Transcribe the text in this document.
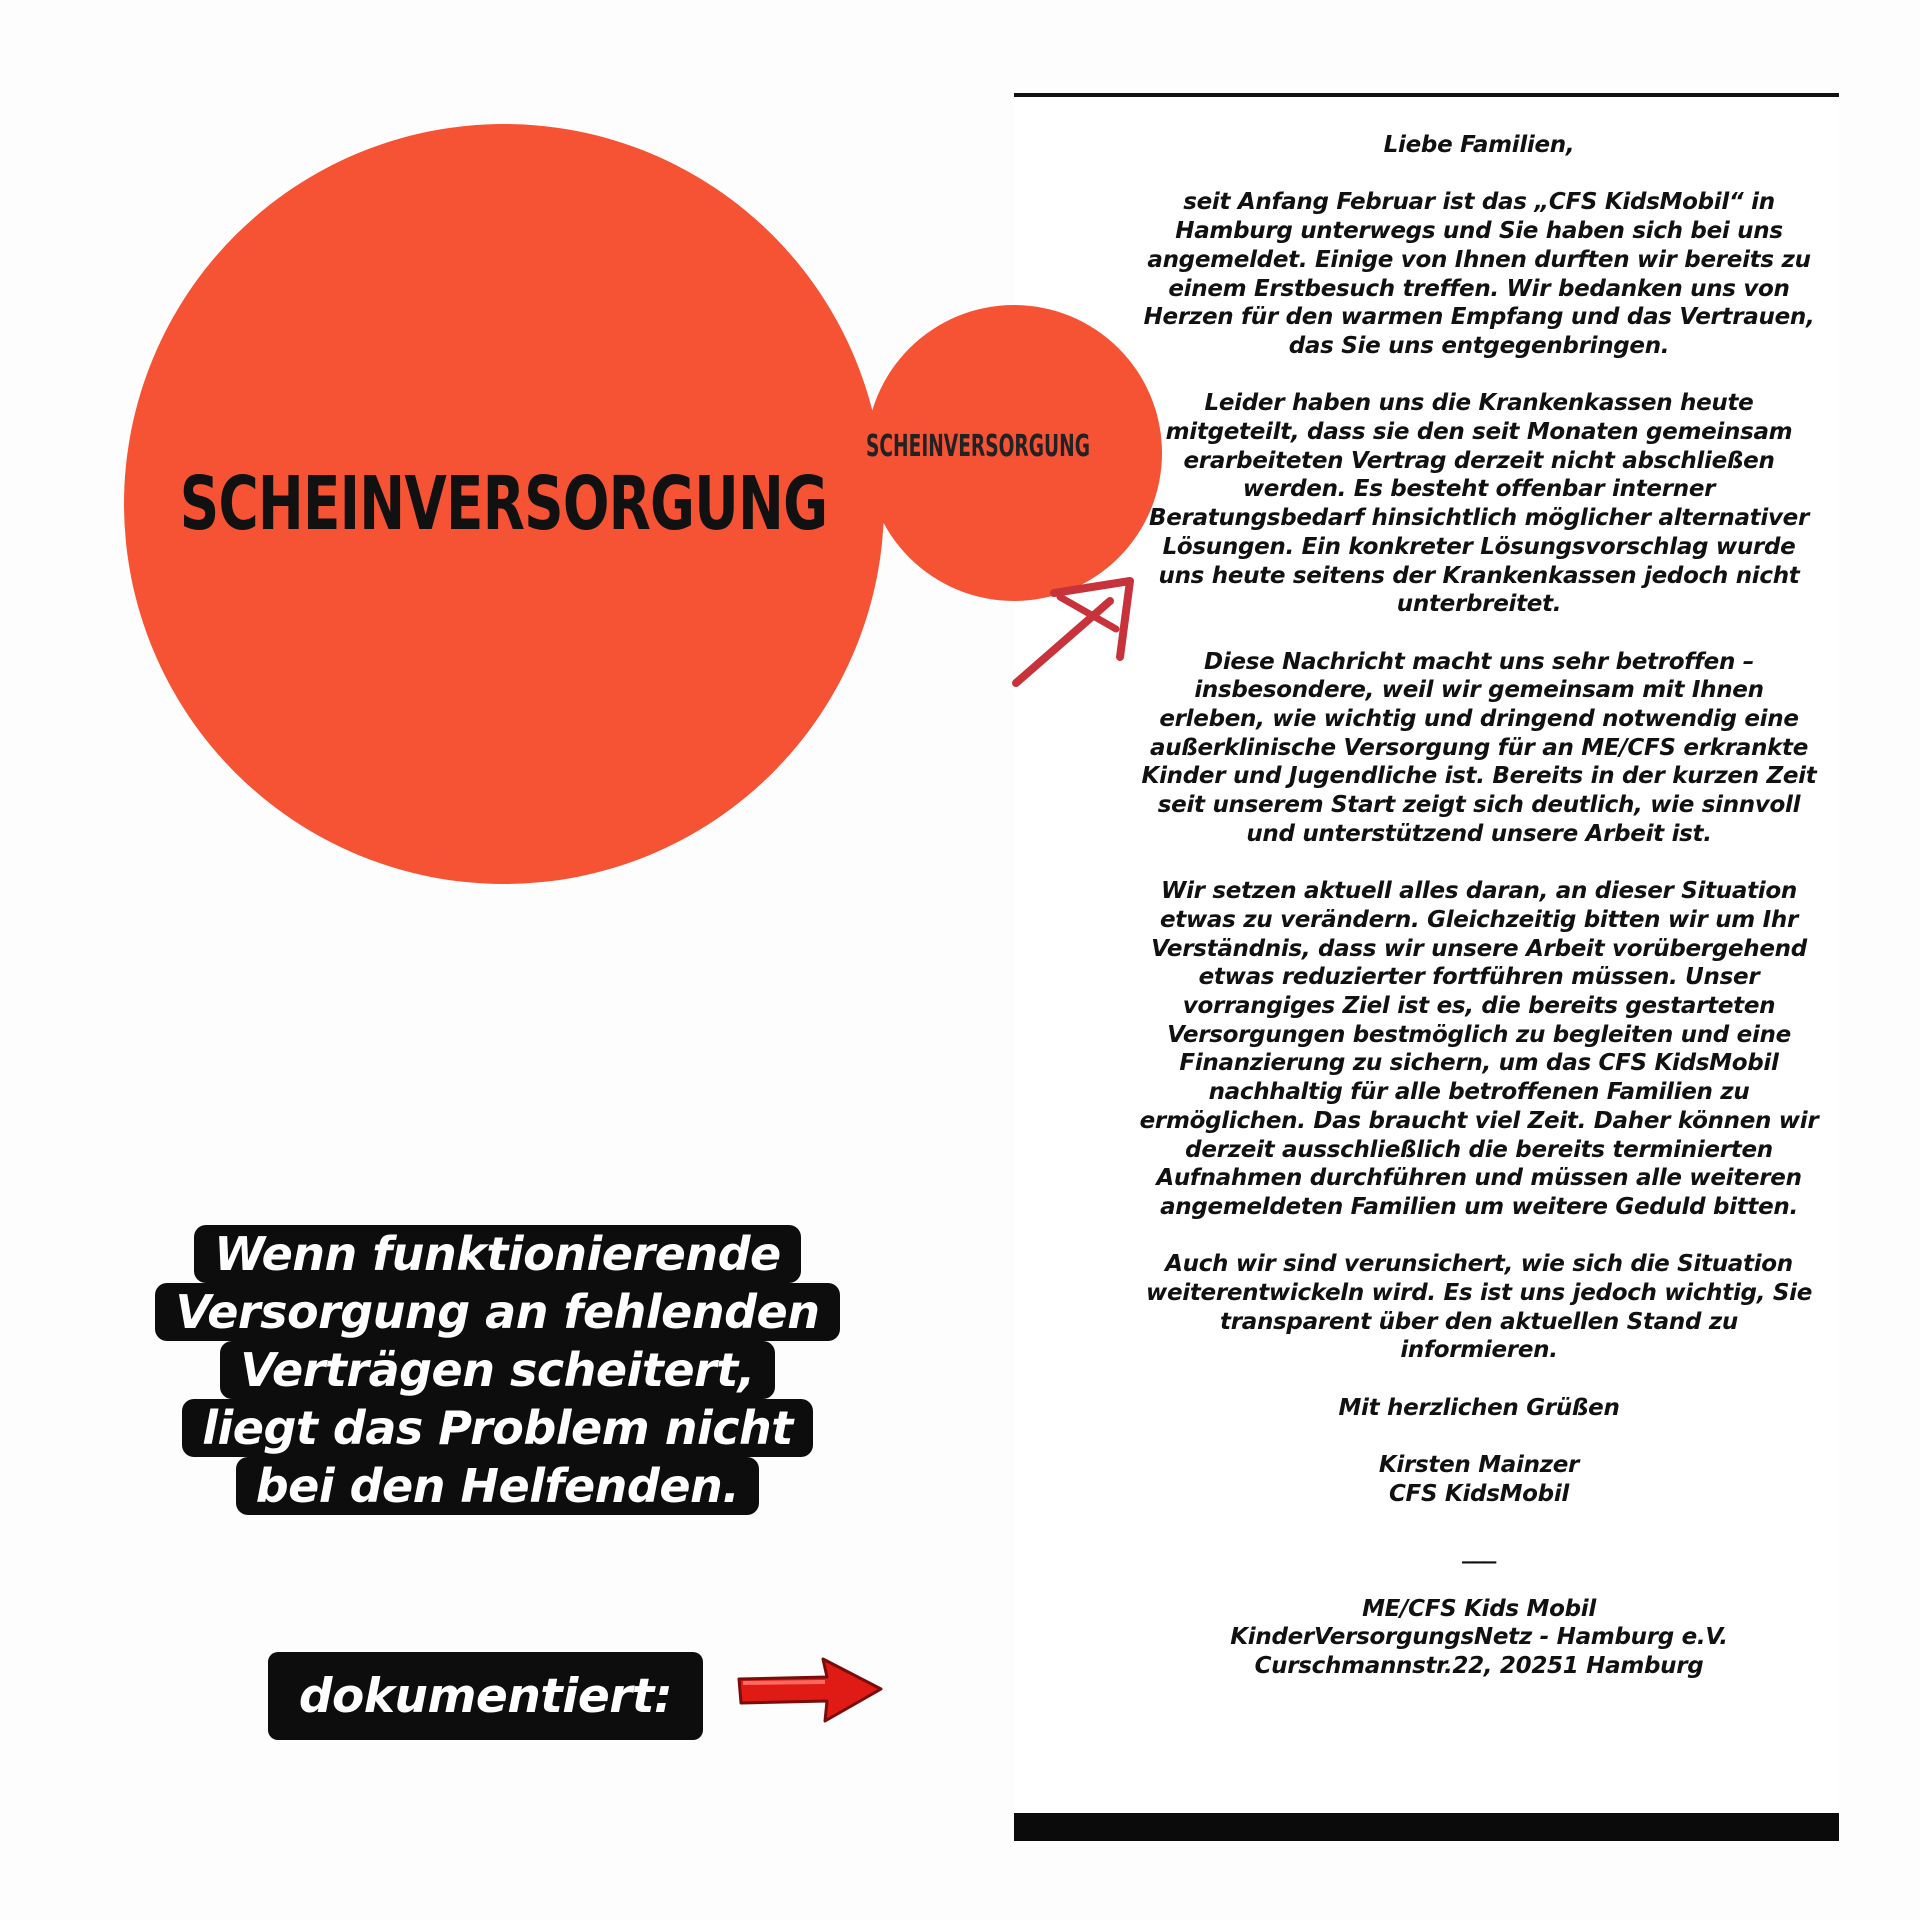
SCHEINVERSORGUNG
Wenn funktionierende
Versorgung an fehlenden
Verträgen scheitert,
liegt das Problem nicht
bei den Helfenden.
dokumentiert:
SCHEINVERSORGUNG

Liebe Familien,

seit Anfang Februar ist das „CFS KidsMobil“ in Hamburg unterwegs und Sie haben sich bei uns angemeldet. Einige von Ihnen durften wir bereits zu einem Erstbesuch treffen. Wir bedanken uns von Herzen für den warmen Empfang und das Vertrauen, das Sie uns entgegenbringen.

Leider haben uns die Krankenkassen heute mitgeteilt, dass sie den seit Monaten gemeinsam erarbeiteten Vertrag derzeit nicht abschließen werden. Es besteht offenbar interner Beratungsbedarf hinsichtlich möglicher alternativer Lösungen. Ein konkreter Lösungsvorschlag wurde uns heute seitens der Krankenkassen jedoch nicht unterbreitet.

Diese Nachricht macht uns sehr betroffen – insbesondere, weil wir gemeinsam mit Ihnen erleben, wie wichtig und dringend notwendig eine außerklinische Versorgung für an ME/CFS erkrankte Kinder und Jugendliche ist. Bereits in der kurzen Zeit seit unserem Start zeigt sich deutlich, wie sinnvoll und unterstützend unsere Arbeit ist.

Wir setzen aktuell alles daran, an dieser Situation etwas zu verändern. Gleichzeitig bitten wir um Ihr Verständnis, dass wir unsere Arbeit vorübergehend etwas reduzierter fortführen müssen. Unser vorrangiges Ziel ist es, die bereits gestarteten Versorgungen bestmöglich zu begleiten und eine Finanzierung zu sichern, um das CFS KidsMobil nachhaltig für alle betroffenen Familien zu ermöglichen. Das braucht viel Zeit. Daher können wir derzeit ausschließlich die bereits terminierten Aufnahmen durchführen und müssen alle weiteren angemeldeten Familien um weitere Geduld bitten.

Auch wir sind verunsichert, wie sich die Situation weiterentwickeln wird. Es ist uns jedoch wichtig, Sie transparent über den aktuellen Stand zu informieren.

Mit herzlichen Grüßen

Kirsten Mainzer

CFS KidsMobil

___

ME/CFS Kids Mobil

KinderVersorgungsNetz - Hamburg e.V.

Curschmannstr.22, 20251 Hamburg
